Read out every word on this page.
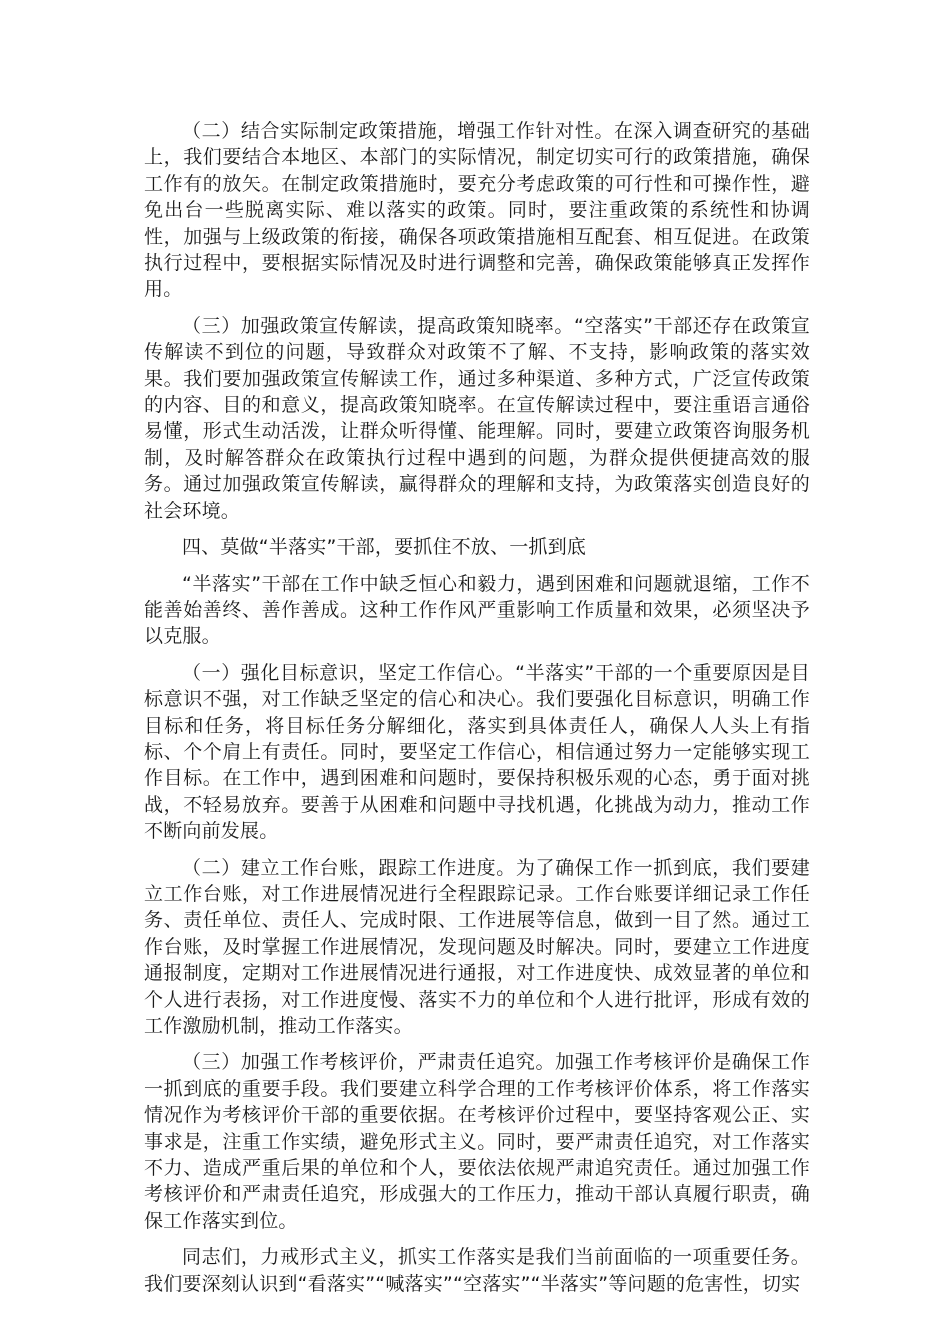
（二）结合实际制定政策措施，增强工作针对性。在深入调查研究的基础上，我们要结合本地区、本部门的实际情况，制定切实可行的政策措施，确保工作有的放矢。在制定政策措施时，要充分考虑政策的可行性和可操作性，避免出台一些脱离实际、难以落实的政策。同时，要注重政策的系统性和协调性，加强与上级政策的衔接，确保各项政策措施相互配套、相互促进。在政策执行过程中，要根据实际情况及时进行调整和完善，确保政策能够真正发挥作用。

（三）加强政策宣传解读，提高政策知晓率。“空落实”干部还存在政策宣传解读不到位的问题，导致群众对政策不了解、不支持，影响政策的落实效果。我们要加强政策宣传解读工作，通过多种渠道、多种方式，广泛宣传政策的内容、目的和意义，提高政策知晓率。在宣传解读过程中，要注重语言通俗易懂，形式生动活泼，让群众听得懂、能理解。同时，要建立政策咨询服务机制，及时解答群众在政策执行过程中遇到的问题，为群众提供便捷高效的服务。通过加强政策宣传解读，赢得群众的理解和支持，为政策落实创造良好的社会环境。

四、莫做“半落实”干部，要抓住不放、一抓到底

“半落实”干部在工作中缺乏恒心和毅力，遇到困难和问题就退缩，工作不能善始善终、善作善成。这种工作作风严重影响工作质量和效果，必须坚决予以克服。

（一）强化目标意识，坚定工作信心。“半落实”干部的一个重要原因是目标意识不强，对工作缺乏坚定的信心和决心。我们要强化目标意识，明确工作目标和任务，将目标任务分解细化，落实到具体责任人，确保人人头上有指标、个个肩上有责任。同时，要坚定工作信心，相信通过努力一定能够实现工作目标。在工作中，遇到困难和问题时，要保持积极乐观的心态，勇于面对挑战，不轻易放弃。要善于从困难和问题中寻找机遇，化挑战为动力，推动工作不断向前发展。

（二）建立工作台账，跟踪工作进度。为了确保工作一抓到底，我们要建立工作台账，对工作进展情况进行全程跟踪记录。工作台账要详细记录工作任务、责任单位、责任人、完成时限、工作进展等信息，做到一目了然。通过工作台账，及时掌握工作进展情况，发现问题及时解决。同时，要建立工作进度通报制度，定期对工作进展情况进行通报，对工作进度快、成效显著的单位和个人进行表扬，对工作进度慢、落实不力的单位和个人进行批评，形成有效的工作激励机制，推动工作落实。

（三）加强工作考核评价，严肃责任追究。加强工作考核评价是确保工作一抓到底的重要手段。我们要建立科学合理的工作考核评价体系，将工作落实情况作为考核评价干部的重要依据。在考核评价过程中，要坚持客观公正、实事求是，注重工作实绩，避免形式主义。同时，要严肃责任追究，对工作落实不力、造成严重后果的单位和个人，要依法依规严肃追究责任。通过加强工作考核评价和严肃责任追究，形成强大的工作压力，推动干部认真履行职责，确保工作落实到位。

同志们，力戒形式主义，抓实工作落实是我们当前面临的一项重要任务。我们要深刻认识到“看落实”“喊落实”“空落实”“半落实”等问题的危害性，切实
